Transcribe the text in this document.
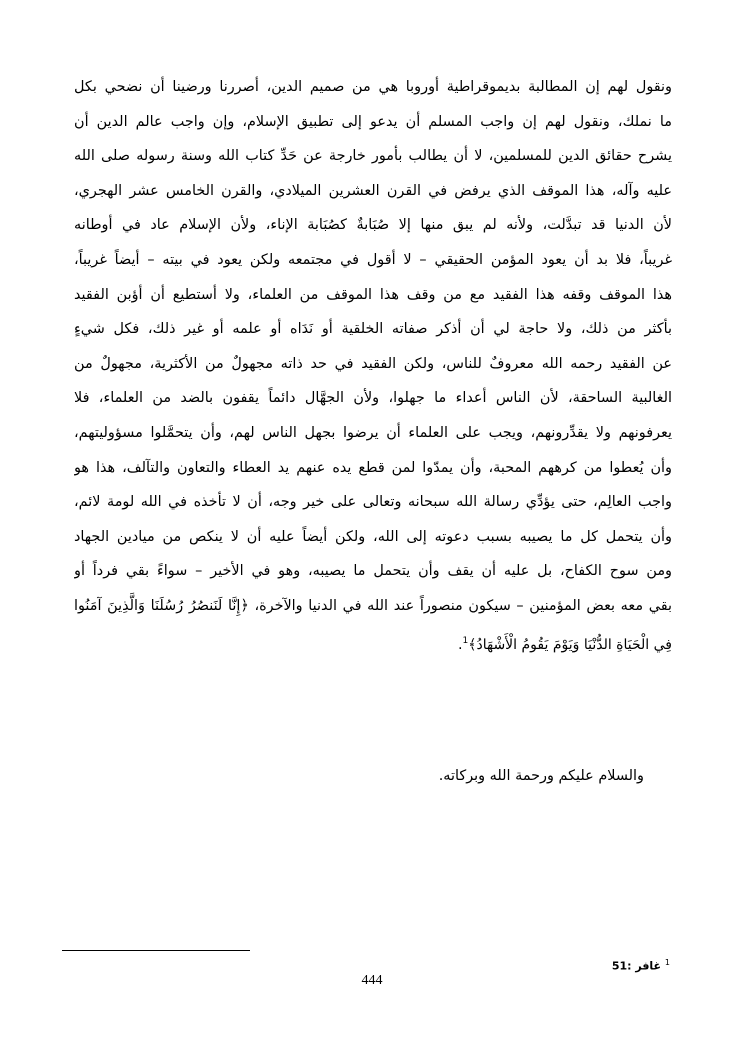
ونقول لهم إن المطالبة بديموقراطية أوروبا هي من صميم الدين، أصررنا ورضينا أن نضحي بكل
ما نملك، ونقول لهم إن واجب المسلم أن يدعو إلى تطبيق الإسلام، وإن واجب عالم الدين أن
يشرح حقائق الدين للمسلمين، لا أن يطالب بأمور خارجة عن حَدِّ كتاب الله وسنة رسوله صلى الله
عليه وآله، هذا الموقف الذي يرفض في القرن العشرين الميلادي، والقرن الخامس عشر الهجري،
لأن الدنيا قد تبدَّلت، ولأنه لم يبق منها إلا صُبَابةٌ كصُبَابة الإناء، ولأن الإسلام عاد في أوطانه
غريباً، فلا بد أن يعود المؤمن الحقيقي – لا أقول في مجتمعه ولكن يعود في بيته – أيضاً غريباً،
هذا الموقف وقفه هذا الفقيد مع من وقف هذا الموقف من العلماء، ولا أستطيع أن أؤبن الفقيد
بأكثر من ذلك، ولا حاجة لي أن أذكر صفاته الخلقية أو نَدَاه أو علمه أو غير ذلك، فكل شيءٍ
عن الفقيد رحمه الله معروفٌ للناس، ولكن الفقيد في حد ذاته مجهولٌ من الأكثرية، مجهولٌ من
الغالبية الساحقة، لأن الناس أعداء ما جهلوا، ولأن الجهَّال دائماً يقفون بالضد من العلماء، فلا
يعرفونهم ولا يقدِّرونهم، ويجب على العلماء أن يرضوا بجهل الناس لهم، وأن يتحمَّلوا مسؤوليتهم،
وأن يُعطوا من كرههم المحبة، وأن يمدّوا لمن قطع يده عنهم يد العطاء والتعاون والتآلف، هذا هو
واجب العالِم، حتى يؤدِّي رسالة الله سبحانه وتعالى على خير وجه، أن لا تأخذه في الله لومة لائم،
وأن يتحمل كل ما يصيبه بسبب دعوته إلى الله، ولكن أيضاً عليه أن لا ينكص من ميادين الجهاد
ومن سوح الكفاح، بل عليه أن يقف وأن يتحمل ما يصيبه، وهو في الأخير – سواءً بقي فرداً أو
بقي معه بعض المؤمنين – سيكون منصوراً عند الله في الدنيا والآخرة، ﴿إِنَّا لَنَنصُرُ رُسُلَنَا وَالَّذِينَ آمَنُوا
فِي الْحَيَاةِ الدُّنْيَا وَيَوْمَ يَقُومُ الْأَشْهَادُ﴾$^1$.
والسلام عليكم ورحمة الله وبركاته.
$^1$ غافر :51
444
